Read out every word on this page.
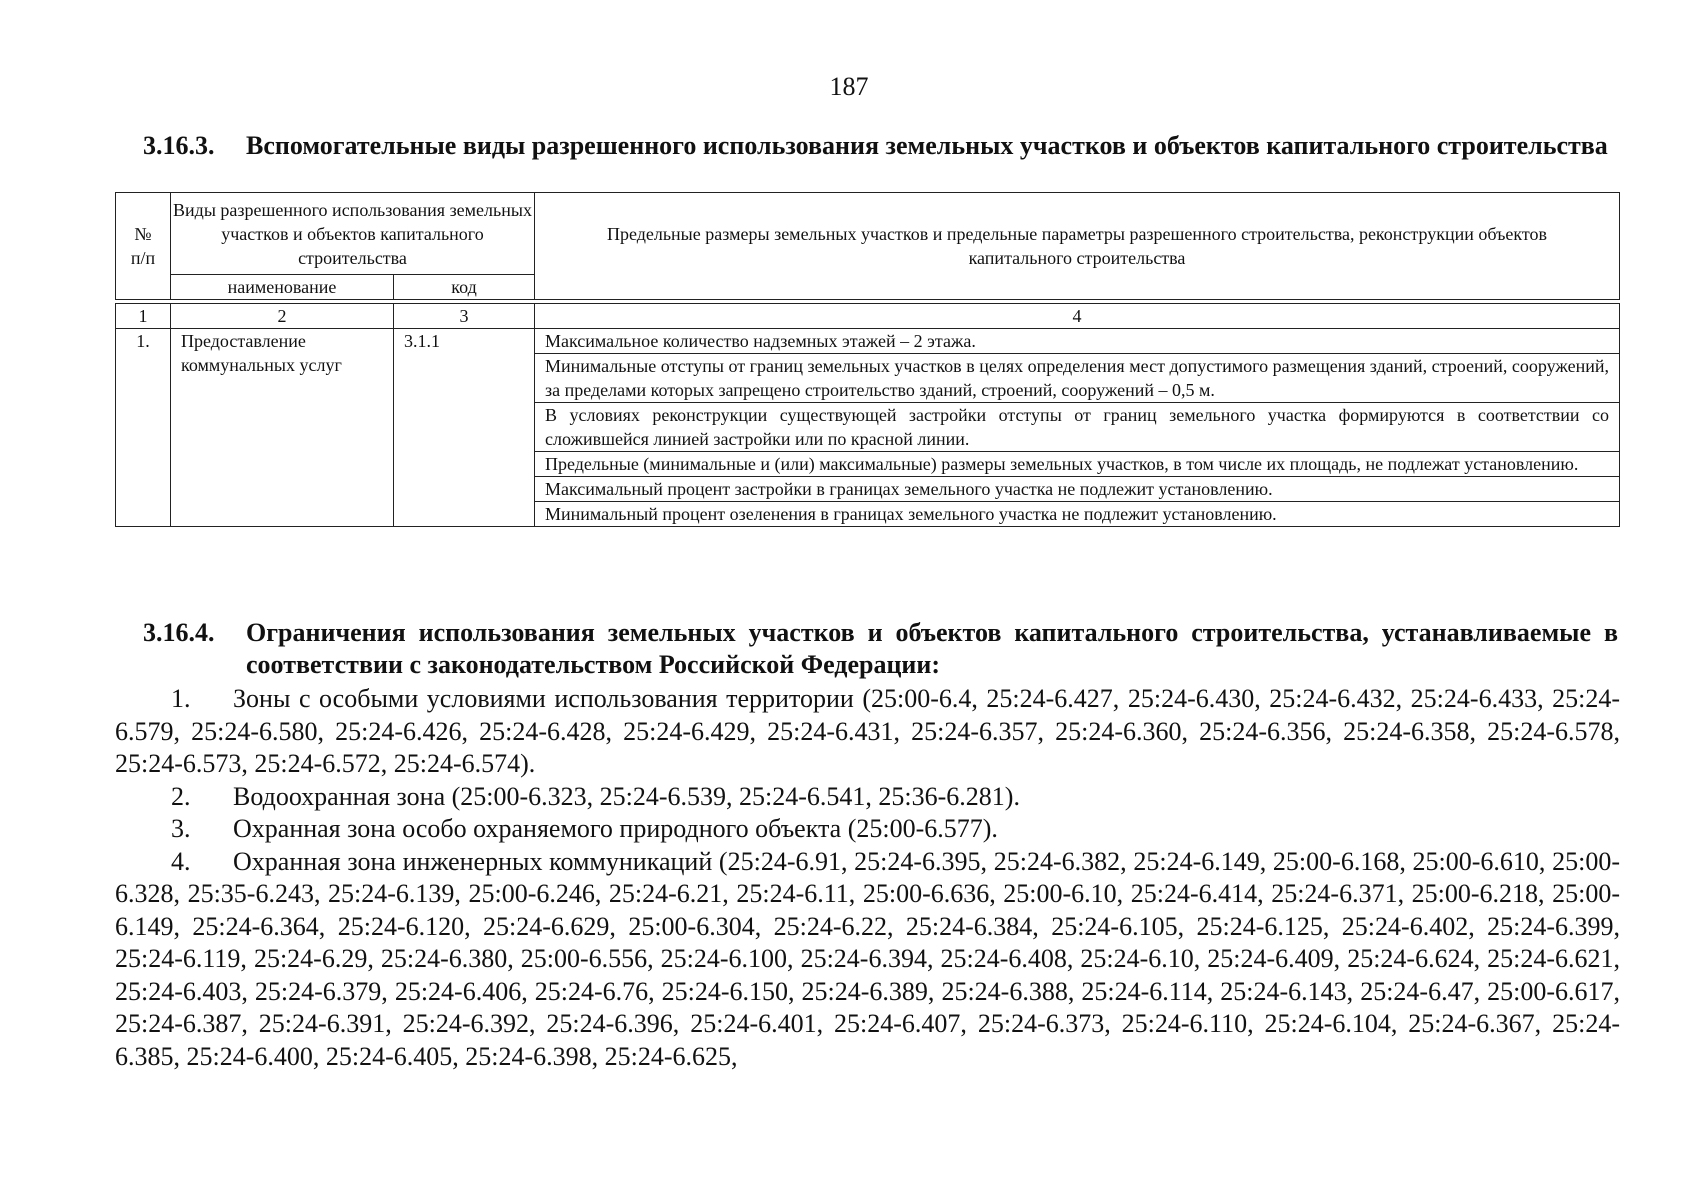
187
3.16.3. Вспомогательные виды разрешенного использования земельных участков и объектов капитального строительства
№
п/п	Виды разрешенного использования земельных участков и объектов капитального строительства		Предельные размеры земельных участков и предельные параметры разрешенного строительства, реконструкции объектов капитального строительства
	наименование	код	

1	2	3	4
1.	Предоставление коммунальных услуг	3.1.1	Максимальное количество надземных этажей – 2 этажа.
			Минимальные отступы от границ земельных участков в целях определения мест допустимого размещения зданий, строений, сооружений, за пределами которых запрещено строительство зданий, строений, сооружений – 0,5 м.
			В условиях реконструкции существующей застройки отступы от границ земельного участка формируются в соответствии со сложившейся линией застройки или по красной линии.
			Предельные (минимальные и (или) максимальные) размеры земельных участков, в том числе их площадь, не подлежат установлению.
			Максимальный процент застройки в границах земельного участка не подлежит установлению.
			Минимальный процент озеленения в границах земельного участка не подлежит установлению.
3.16.4. Ограничения использования земельных участков и объектов капитального строительства, устанавливаемые в соответствии с законодательством Российской Федерации:

1. Зоны с особыми условиями использования территории (25:00-6.4, 25:24-6.427, 25:24-6.430, 25:24-6.432, 25:24-6.433, 25:24-6.579, 25:24-6.580, 25:24-6.426, 25:24-6.428, 25:24-6.429, 25:24-6.431, 25:24-6.357, 25:24-6.360, 25:24-6.356, 25:24-6.358, 25:24-6.578, 25:24-6.573, 25:24-6.572, 25:24-6.574).

2. Водоохранная зона (25:00-6.323, 25:24-6.539, 25:24-6.541, 25:36-6.281).

3. Охранная зона особо охраняемого природного объекта (25:00-6.577).

4. Охранная зона инженерных коммуникаций (25:24-6.91, 25:24-6.395, 25:24-6.382, 25:24-6.149, 25:00-6.168, 25:00-6.610, 25:00-6.328, 25:35-6.243, 25:24-6.139, 25:00-6.246, 25:24-6.21, 25:24-6.11, 25:00-6.636, 25:00-6.10, 25:24-6.414, 25:24-6.371, 25:00-6.218, 25:00-6.149, 25:24-6.364, 25:24-6.120, 25:24-6.629, 25:00-6.304, 25:24-6.22, 25:24-6.384, 25:24-6.105, 25:24-6.125, 25:24-6.402, 25:24-6.399, 25:24-6.119, 25:24-6.29, 25:24-6.380, 25:00-6.556, 25:24-6.100, 25:24-6.394, 25:24-6.408, 25:24-6.10, 25:24-6.409, 25:24-6.624, 25:24-6.621, 25:24-6.403, 25:24-6.379, 25:24-6.406, 25:24-6.76, 25:24-6.150, 25:24-6.389, 25:24-6.388, 25:24-6.114, 25:24-6.143, 25:24-6.47, 25:00-6.617, 25:24-6.387, 25:24-6.391, 25:24-6.392, 25:24-6.396, 25:24-6.401, 25:24-6.407, 25:24-6.373, 25:24-6.110, 25:24-6.104, 25:24-6.367, 25:24-6.385, 25:24-6.400, 25:24-6.405, 25:24-6.398, 25:24-6.625,
